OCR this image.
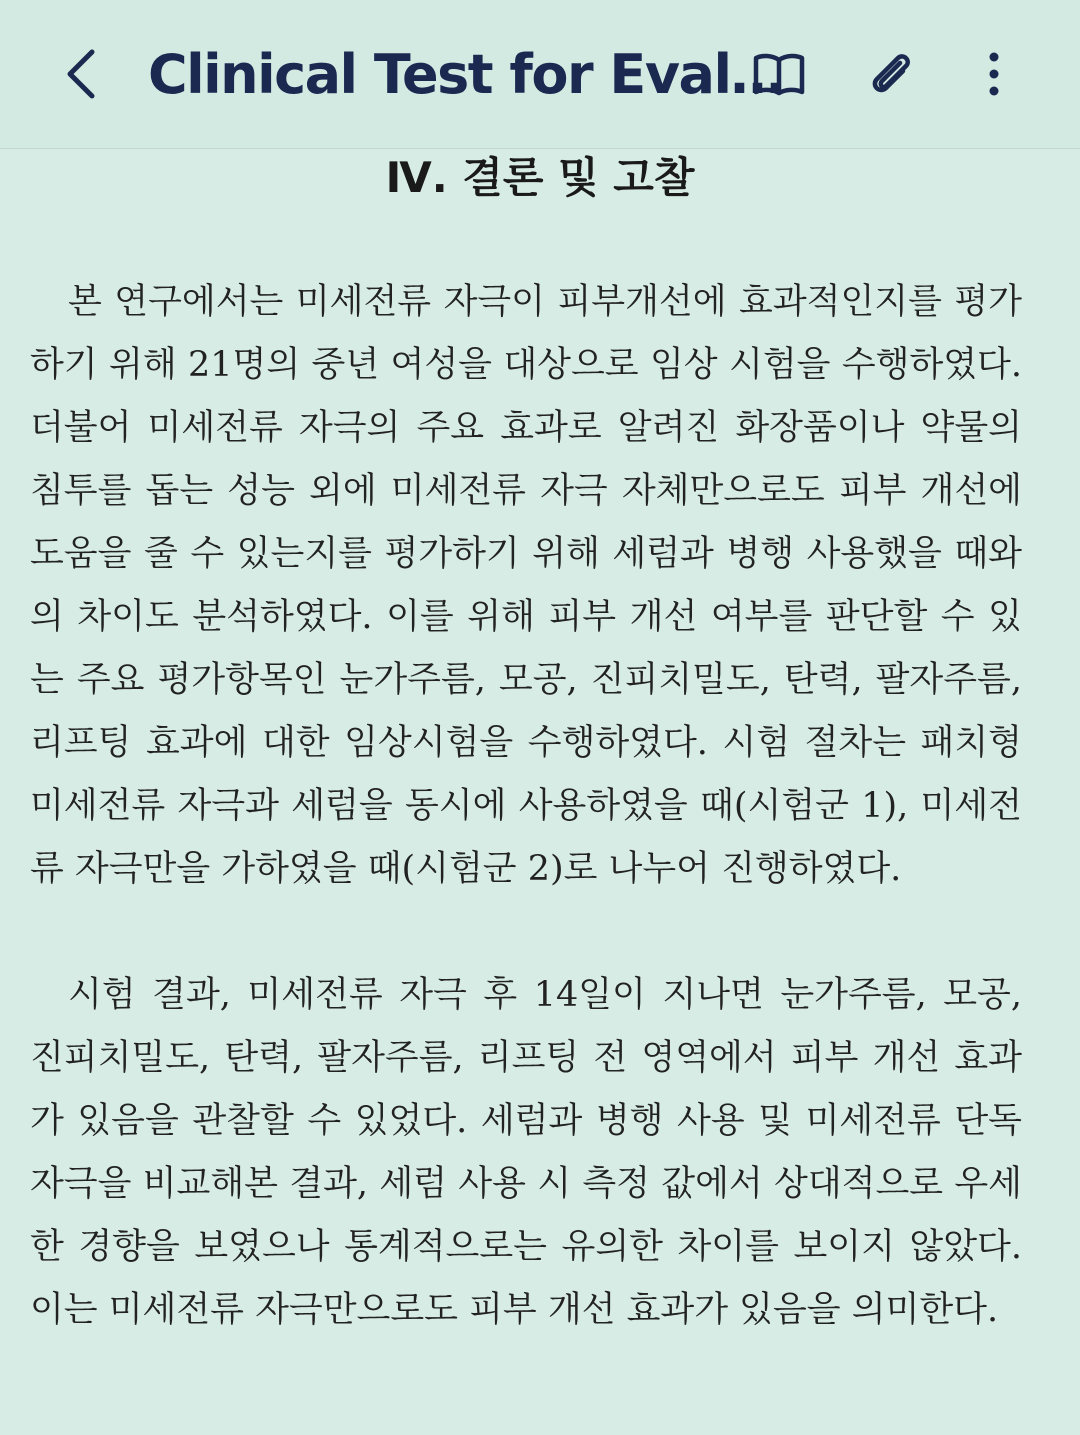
Clinical Test for Eval…
Ⅳ. 결론 및 고찰

본 연구에서는 미세전류 자극이 피부개선에 효과적인지를 평가하기 위해 21명의 중년 여성을 대상으로 임상 시험을 수행하였다. 더불어 미세전류 자극의 주요 효과로 알려진 화장품이나 약물의 침투를 돕는 성능 외에 미세전류 자극 자체만으로도 피부 개선에 도움을 줄 수 있는지를 평가하기 위해 세럼과 병행 사용했을 때와의 차이도 분석하였다. 이를 위해 피부 개선 여부를 판단할 수 있는 주요 평가항목인 눈가주름, 모공, 진피치밀도, 탄력, 팔자주름, 리프팅 효과에 대한 임상시험을 수행하였다. 시험 절차는 패치형 미세전류 자극과 세럼을 동시에 사용하였을 때(시험군 1), 미세전류 자극만을 가하였을 때(시험군 2)로 나누어 진행하였다.

시험 결과, 미세전류 자극 후 14일이 지나면 눈가주름, 모공, 진피치밀도, 탄력, 팔자주름, 리프팅 전 영역에서 피부 개선 효과가 있음을 관찰할 수 있었다. 세럼과 병행 사용 및 미세전류 단독 자극을 비교해본 결과, 세럼 사용 시 측정 값에서 상대적으로 우세한 경향을 보였으나 통계적으로는 유의한 차이를 보이지 않았다. 이는 미세전류 자극만으로도 피부 개선 효과가 있음을 의미한다.
